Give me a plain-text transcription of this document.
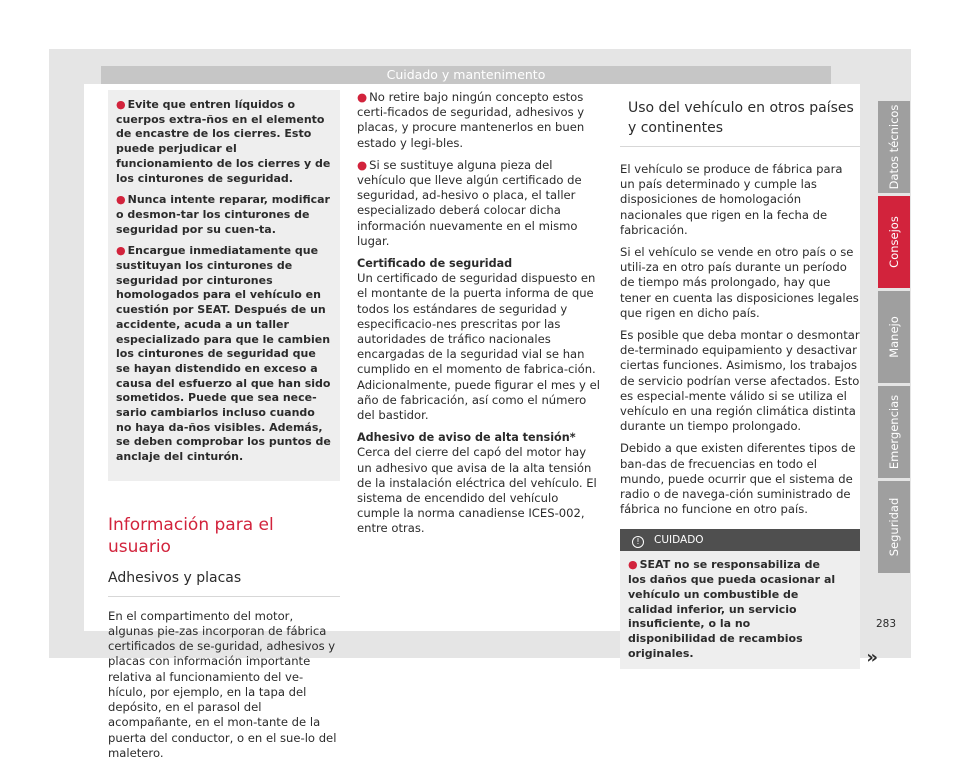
Cuidado y mantenimento

● Evite que entren líquidos o cuerpos extra-ños en el elemento de encastre de los cierres. Esto puede perjudicar el funcionamiento de los cierres y de los cinturones de seguridad.

● Nunca intente reparar, modificar o desmon-tar los cinturones de seguridad por su cuen-ta.

● Encargue inmediatamente que sustituyan los cinturones de seguridad por cinturones homologados para el vehículo en cuestión por SEAT. Después de un accidente, acuda a un taller especializado para que le cambien los cinturones de seguridad que se hayan distendido en exceso a causa del esfuerzo al que han sido sometidos. Puede que sea nece-sario cambiarlos incluso cuando no haya da-ños visibles. Además, se deben comprobar los puntos de anclaje del cinturón.

Información para el usuario
Adhesivos y placas

En el compartimento del motor, algunas pie-zas incorporan de fábrica certificados de se-guridad, adhesivos y placas con información importante relativa al funcionamiento del ve-hículo, por ejemplo, en la tapa del depósito, en el parasol del acompañante, en el mon-tante de la puerta del conductor, o en el sue-lo del maletero.

● No retire bajo ningún concepto estos certi-ficados de seguridad, adhesivos y placas, y procure mantenerlos en buen estado y legi-bles.

● Si se sustituye alguna pieza del vehículo que lleve algún certificado de seguridad, ad-hesivo o placa, el taller especializado deberá colocar dicha información nuevamente en el mismo lugar.

Certificado de seguridad

Un certificado de seguridad dispuesto en el montante de la puerta informa de que todos los estándares de seguridad y especificacio-nes prescritas por las autoridades de tráfico nacionales encargadas de la seguridad vial se han cumplido en el momento de fabrica-ción. Adicionalmente, puede figurar el mes y el año de fabricación, así como el número del bastidor.

Adhesivo de aviso de alta tensión*

Cerca del cierre del capó del motor hay un adhesivo que avisa de la alta tensión de la instalación eléctrica del vehículo. El sistema de encendido del vehículo cumple la norma canadiense ICES-002, entre otras.

Uso del vehículo en otros países y continentes

El vehículo se produce de fábrica para un país determinado y cumple las disposiciones de homologación nacionales que rigen en la fecha de fabricación.

Si el vehículo se vende en otro país o se utili-za en otro país durante un período de tiempo más prolongado, hay que tener en cuenta las disposiciones legales que rigen en dicho país.

Es posible que deba montar o desmontar de-terminado equipamiento y desactivar ciertas funciones. Asimismo, los trabajos de servicio podrían verse afectados. Esto es especial-mente válido si se utiliza el vehículo en una región climática distinta durante un tiempo prolongado.

Debido a que existen diferentes tipos de ban-das de frecuencias en todo el mundo, puede ocurrir que el sistema de radio o de navega-ción suministrado de fábrica no funcione en otro país.

! CUIDADO
● SEAT no se responsabiliza de los daños que pueda ocasionar al vehículo un combustible de calidad inferior, un servicio insuficiente, o la no disponibilidad de recambios originales.	»
Datos técnicos
Consejos
Manejo
Emergencias
Seguridad
283
